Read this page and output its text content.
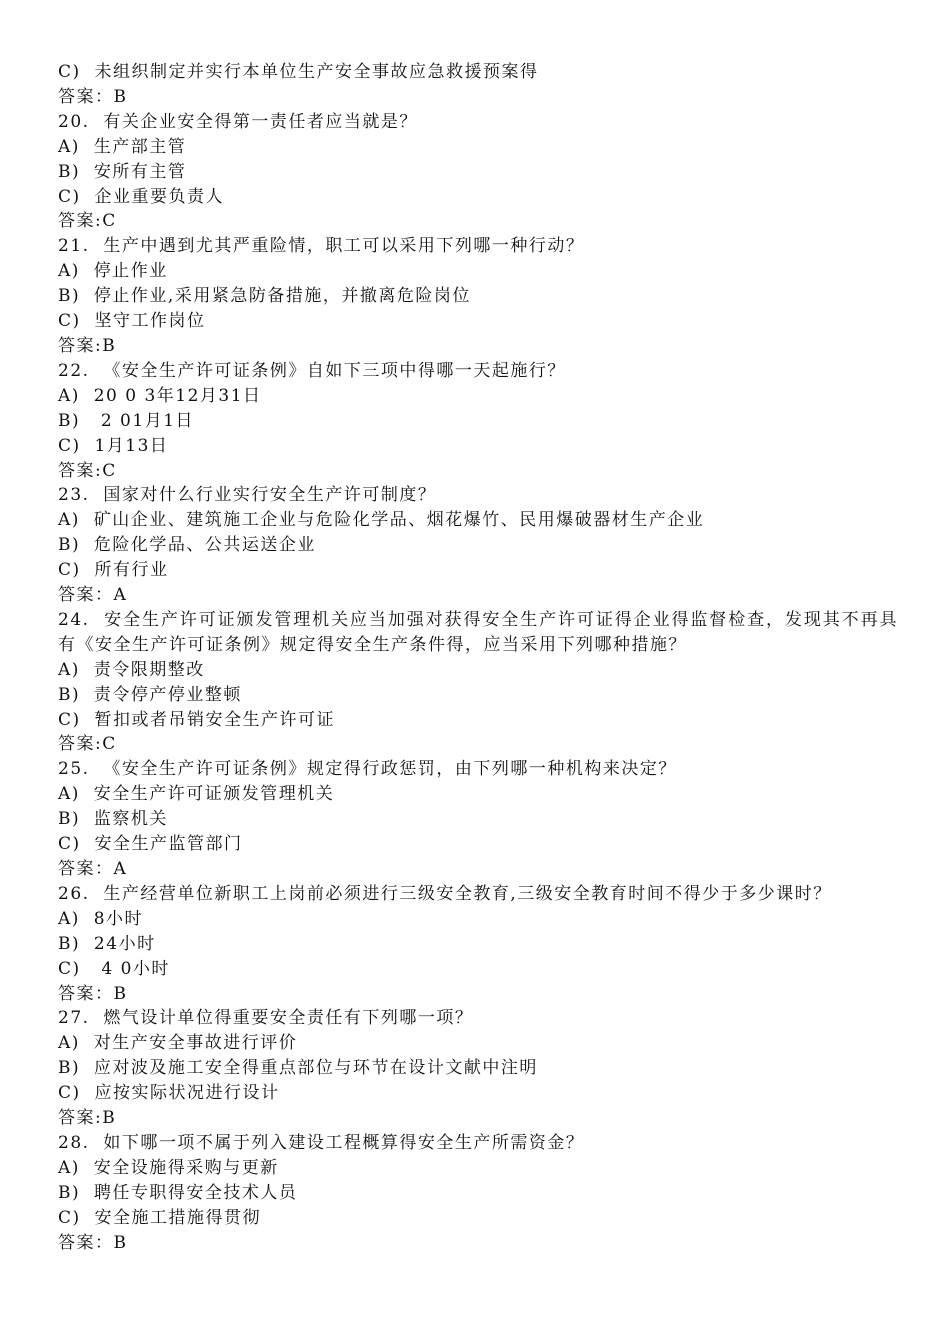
C)  未组织制定并实行本单位生产安全事故应急救援预案得
答案：B
20.  有关企业安全得第一责任者应当就是？
A)  生产部主管
B)  安所有主管
C)  企业重要负责人
答案:C
21.  生产中遇到尤其严重险情，职工可以采用下列哪一种行动？
A)  停止作业
B)  停止作业,采用紧急防备措施，并撤离危险岗位
C)  坚守工作岗位
答案:B
22.  《安全生产许可证条例》自如下三项中得哪一天起施行？
A)  20 0 3年12月31日
B)   2 01月1日
C)  1月13日
答案:C
23.  国家对什么行业实行安全生产许可制度？
A)  矿山企业、建筑施工企业与危险化学品、烟花爆竹、民用爆破器材生产企业
B)  危险化学品、公共运送企业
C)  所有行业
答案：A
24.  安全生产许可证颁发管理机关应当加强对获得安全生产许可证得企业得监督检查，发现其不再具有《安全生产许可证条例》规定得安全生产条件得，应当采用下列哪种措施？
A)  责令限期整改
B)  责令停产停业整顿
C)  暂扣或者吊销安全生产许可证
答案:C
25.  《安全生产许可证条例》规定得行政惩罚，由下列哪一种机构来决定？
A)  安全生产许可证颁发管理机关
B)  监察机关
C)  安全生产监管部门
答案：A
26.  生产经营单位新职工上岗前必须进行三级安全教育,三级安全教育时间不得少于多少课时？
A)  8小时
B)  24小时
C)   4 0小时
答案：B
27.  燃气设计单位得重要安全责任有下列哪一项？
A)  对生产安全事故进行评价
B)  应对波及施工安全得重点部位与环节在设计文献中注明
C)  应按实际状况进行设计
答案:B
28.  如下哪一项不属于列入建设工程概算得安全生产所需资金？
A)  安全设施得采购与更新
B)  聘任专职得安全技术人员
C)  安全施工措施得贯彻
答案：B
